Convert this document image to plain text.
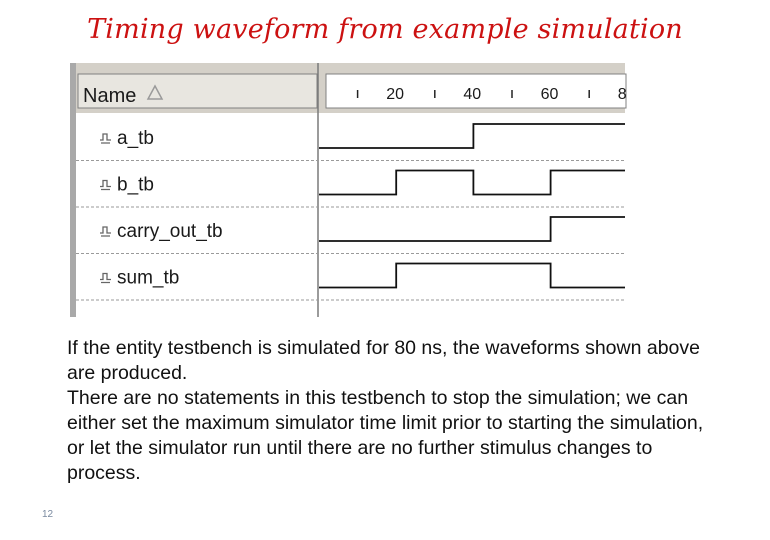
Timing waveform from example simulation
Name	20	40	60	8
a_tb
b_tb
carry_out_tb
sum_tb

If the entity testbench is simulated for 80 ns, the waveforms shown above are produced.

There are no statements in this testbench to stop the simulation; we can either set the maximum simulator time limit prior to starting the simulation, or let the simulator run until there are no further stimulus changes to process.

12
